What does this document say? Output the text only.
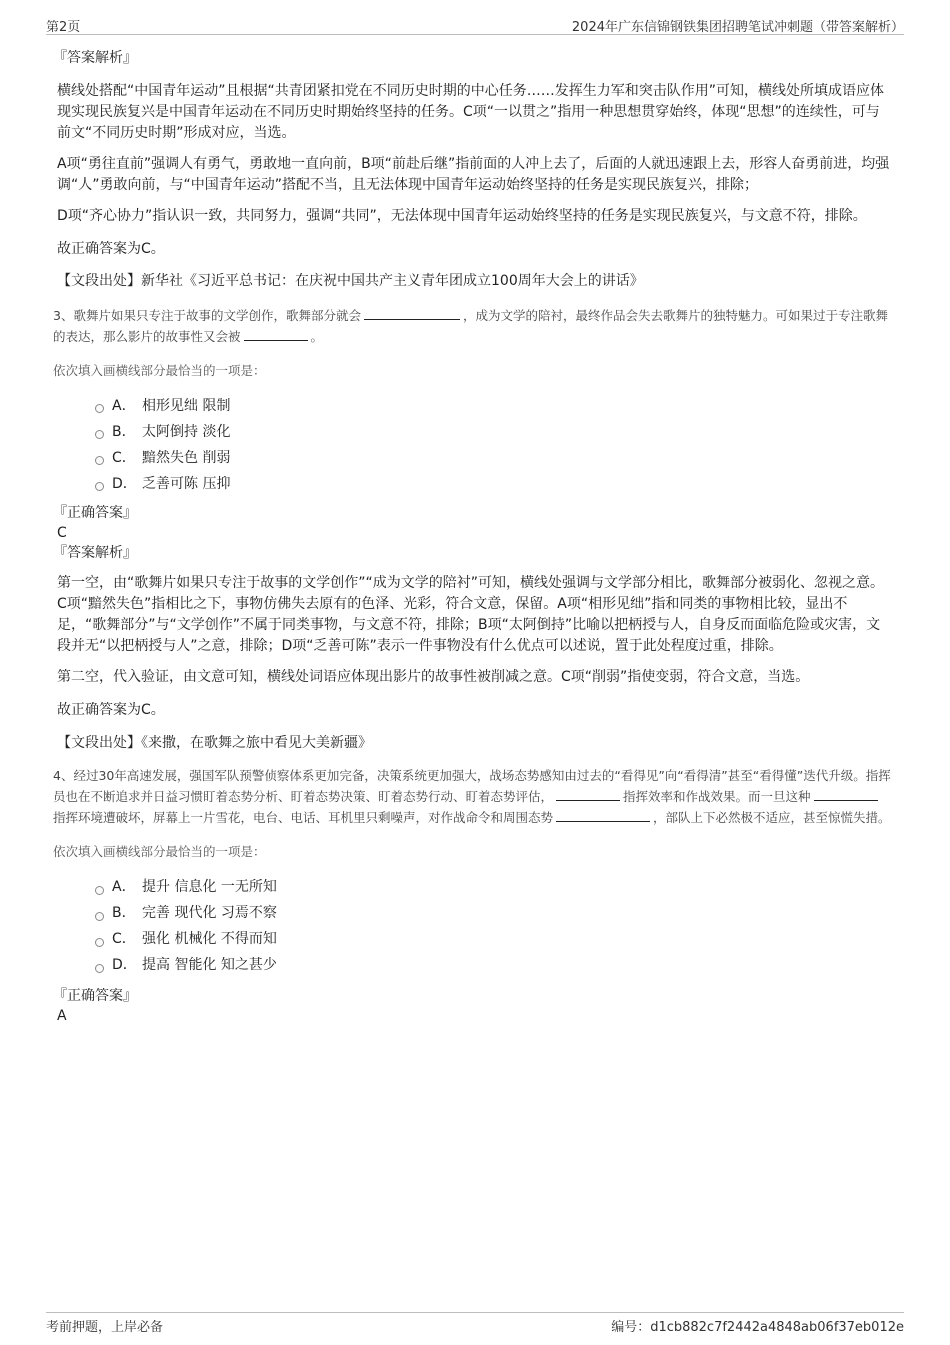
第2页	2024年广东信锦钢铁集团招聘笔试冲刺题（带答案解析）

『答案解析』

横线处搭配“中国青年运动”且根据“共青团紧扣党在不同历史时期的中心任务……发挥生力军和突击队作用”可知，横线处所填成语应体现实现民族复兴是中国青年运动在不同历史时期始终坚持的任务。C项“一以贯之”指用一种思想贯穿始终，体现“思想”的连续性，可与前文“不同历史时期”形成对应，当选。

A项“勇往直前”强调人有勇气，勇敢地一直向前，B项“前赴后继”指前面的人冲上去了，后面的人就迅速跟上去，形容人奋勇前进，均强调“人”勇敢向前，与“中国青年运动”搭配不当，且无法体现中国青年运动始终坚持的任务是实现民族复兴，排除；

D项“齐心协力”指认识一致，共同努力，强调“共同”，无法体现中国青年运动始终坚持的任务是实现民族复兴，与文意不符，排除。

故正确答案为C。

【文段出处】新华社《习近平总书记：在庆祝中国共产主义青年团成立100周年大会上的讲话》

3、歌舞片如果只专注于故事的文学创作，歌舞部分就会	，成为文学的陪衬，最终作品会失去歌舞片的独特魅力。可如果过于专注歌舞的表达，那么影片的故事性又会被	。

依次填入画横线部分最恰当的一项是：

A． 相形见绌 限制
B． 太阿倒持 淡化
C． 黯然失色 削弱
D． 乏善可陈 压抑

『正确答案』

C

『答案解析』

第一空，由“歌舞片如果只专注于故事的文学创作”“成为文学的陪衬”可知，横线处强调与文学部分相比，歌舞部分被弱化、忽视之意。C项“黯然失色”指相比之下，事物仿佛失去原有的色泽、光彩，符合文意，保留。A项“相形见绌”指和同类的事物相比较，显出不足，“歌舞部分”与“文学创作”不属于同类事物，与文意不符，排除；B项“太阿倒持”比喻以把柄授与人，自身反而面临危险或灾害，文段并无“以把柄授与人”之意，排除；D项“乏善可陈”表示一件事物没有什么优点可以述说，置于此处程度过重，排除。

第二空，代入验证，由文意可知，横线处词语应体现出影片的故事性被削减之意。C项“削弱”指使变弱，符合文意，当选。

故正确答案为C。

【文段出处】《来撒，在歌舞之旅中看见大美新疆》

4、经过30年高速发展，强国军队预警侦察体系更加完备，决策系统更加强大，战场态势感知由过去的“看得见”向“看得清”甚至“看得懂”迭代升级。指挥员也在不断追求并日益习惯盯着态势分析、盯着态势决策、盯着态势行动、盯着态势评估，	指挥效率和作战效果。而一旦这种指挥环境遭破坏，屏幕上一片雪花，电台、电话、耳机里只剩噪声，对作战命令和周围态势	，部队上下必然极不适应，甚至惊慌失措。

依次填入画横线部分最恰当的一项是：

A． 提升 信息化 一无所知
B． 完善 现代化 习焉不察
C． 强化 机械化 不得而知
D． 提高 智能化 知之甚少

『正确答案』

A

考前押题，上岸必备	编号：d1cb882c7f2442a4848ab06f37eb012e
